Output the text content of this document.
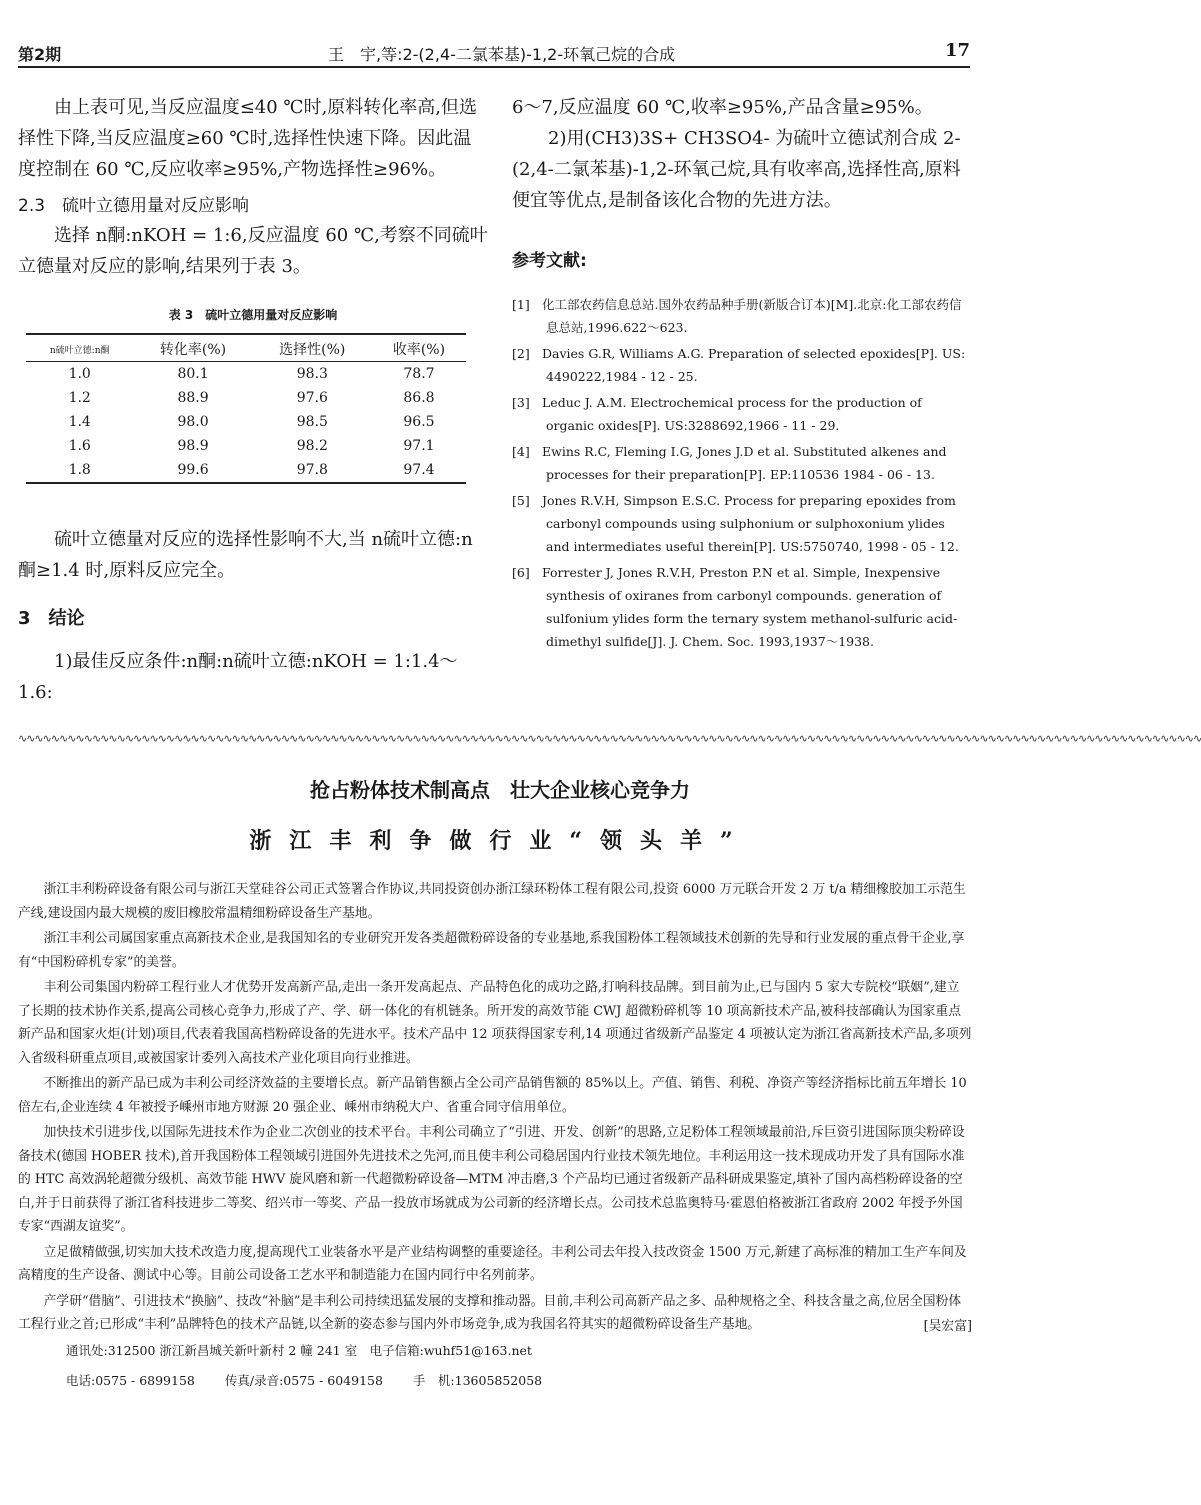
第2期	王　宇,等:2-(2,4-二氯苯基)-1,2-环氧己烷的合成	17

由上表可见,当反应温度≤40 ℃时,原料转化率高,但选择性下降,当反应温度≥60 ℃时,选择性快速下降。因此温度控制在 60 ℃,反应收率≥95%,产物选择性≥96%。

2.3　硫叶立德用量对反应影响

选择 n酮:nKOH = 1:6,反应温度 60 ℃,考察不同硫叶立德量对反应的影响,结果列于表 3。

表 3　硫叶立德用量对反应影响
n硫叶立德:n酮	转化率(%)	选择性(%)	收率(%)
1.0	80.1	98.3	78.7
1.2	88.9	97.6	86.8
1.4	98.0	98.5	96.5
1.6	98.9	98.2	97.1
1.8	99.6	97.8	97.4

硫叶立德量对反应的选择性影响不大,当 n硫叶立德:n酮≥1.4 时,原料反应完全。

3　结论

1)最佳反应条件:n酮:n硫叶立德:nKOH = 1:1.4～1.6:

6～7,反应温度 60 ℃,收率≥95%,产品含量≥95%。

2)用(CH3)3S+ CH3SO4- 为硫叶立德试剂合成 2-(2,4-二氯苯基)-1,2-环氧己烷,具有收率高,选择性高,原料便宜等优点,是制备该化合物的先进方法。

参考文献:

[1] 化工部农药信息总站.国外农药品种手册(新版合订本)[M].北京:化工部农药信息总站,1996.622～623.

[2] Davies G.R, Williams A.G. Preparation of selected epoxides[P]. US: 4490222,1984 - 12 - 25.

[3] Leduc J. A.M. Electrochemical process for the production of organic oxides[P]. US:3288692,1966 - 11 - 29.

[4] Ewins R.C, Fleming I.G, Jones J.D et al. Substituted alkenes and processes for their preparation[P]. EP:110536 1984 - 06 - 13.

[5] Jones R.V.H, Simpson E.S.C. Process for preparing epoxides from carbonyl compounds using sulphonium or sulphoxonium ylides and intermediates useful therein[P]. US:5750740, 1998 - 05 - 12.

[6] Forrester J, Jones R.V.H, Preston P.N et al. Simple, Inexpensive synthesis of oxiranes from carbonyl compounds. generation of sulfonium ylides form the ternary system methanol-sulfuric acid-dimethyl sulfide[J]. J. Chem. Soc. 1993,1937～1938.

∿∿∿∿∿∿∿∿∿∿∿∿∿∿∿∿∿∿∿∿∿∿∿∿∿∿∿∿∿∿∿∿∿∿∿∿∿∿∿∿∿∿∿∿∿∿∿∿∿∿∿∿∿∿∿∿∿∿∿∿∿∿∿∿∿∿∿∿∿∿∿∿∿∿∿∿∿∿∿∿∿∿∿∿∿∿∿∿∿∿∿∿∿∿∿∿∿∿∿∿∿∿∿∿∿∿∿∿∿∿∿∿∿∿∿∿∿∿∿∿∿∿∿∿∿∿∿∿∿∿∿∿∿∿∿∿∿∿∿∿∿∿∿∿
抢占粉体技术制高点　壮大企业核心竞争力
浙江丰利争做行业“领头羊”

浙江丰利粉碎设备有限公司与浙江天堂硅谷公司正式签署合作协议,共同投资创办浙江绿环粉体工程有限公司,投资 6000 万元联合开发 2 万 t/a 精细橡胶加工示范生产线,建设国内最大规模的废旧橡胶常温精细粉碎设备生产基地。

浙江丰利公司属国家重点高新技术企业,是我国知名的专业研究开发各类超微粉碎设备的专业基地,系我国粉体工程领域技术创新的先导和行业发展的重点骨干企业,享有“中国粉碎机专家”的美誉。

丰利公司集国内粉碎工程行业人才优势开发高新产品,走出一条开发高起点、产品特色化的成功之路,打响科技品牌。到目前为止,已与国内 5 家大专院校“联姻”,建立了长期的技术协作关系,提高公司核心竞争力,形成了产、学、研一体化的有机链条。所开发的高效节能 CWJ 超微粉碎机等 10 项高新技术产品,被科技部确认为国家重点新产品和国家火炬(计划)项目,代表着我国高档粉碎设备的先进水平。技术产品中 12 项获得国家专利,14 项通过省级新产品鉴定 4 项被认定为浙江省高新技术产品,多项列入省级科研重点项目,或被国家计委列入高技术产业化项目向行业推进。

不断推出的新产品已成为丰利公司经济效益的主要增长点。新产品销售额占全公司产品销售额的 85%以上。产值、销售、利税、净资产等经济指标比前五年增长 10 倍左右,企业连续 4 年被授予嵊州市地方财源 20 强企业、嵊州市纳税大户、省重合同守信用单位。

加快技术引进步伐,以国际先进技术作为企业二次创业的技术平台。丰利公司确立了“引进、开发、创新”的思路,立足粉体工程领域最前沿,斥巨资引进国际顶尖粉碎设备技术(德国 HOBER 技术),首开我国粉体工程领域引进国外先进技术之先河,而且使丰利公司稳居国内行业技术领先地位。丰利运用这一技术现成功开发了具有国际水准的 HTC 高效涡轮超微分级机、高效节能 HWV 旋风磨和新一代超微粉碎设备—MTM 冲击磨,3 个产品均已通过省级新产品科研成果鉴定,填补了国内高档粉碎设备的空白,并于日前获得了浙江省科技进步二等奖、绍兴市一等奖、产品一投放市场就成为公司新的经济增长点。公司技术总监奥特马·霍恩伯格被浙江省政府 2002 年授予外国专家“西湖友谊奖”。

立足做精做强,切实加大技术改造力度,提高现代工业装备水平是产业结构调整的重要途径。丰利公司去年投入技改资金 1500 万元,新建了高标准的精加工生产车间及高精度的生产设备、测试中心等。目前公司设备工艺水平和制造能力在国内同行中名列前茅。

产学研“借脑”、引进技术“换脑”、技改“补脑”是丰利公司持续迅猛发展的支撑和推动器。目前,丰利公司高新产品之多、品种规格之全、科技含量之高,位居全国粉体工程行业之首;已形成“丰利”品牌特色的技术产品链,以全新的姿态参与国内外市场竞争,成为我国名符其实的超微粉碎设备生产基地。	[吴宏富]
通讯处:312500 浙江新昌城关新叶新村 2 幢 241 室　电子信箱:wuhf51@163.net
电话:0575 - 6899158 传真/录音:0575 - 6049158 手　机:13605852058
